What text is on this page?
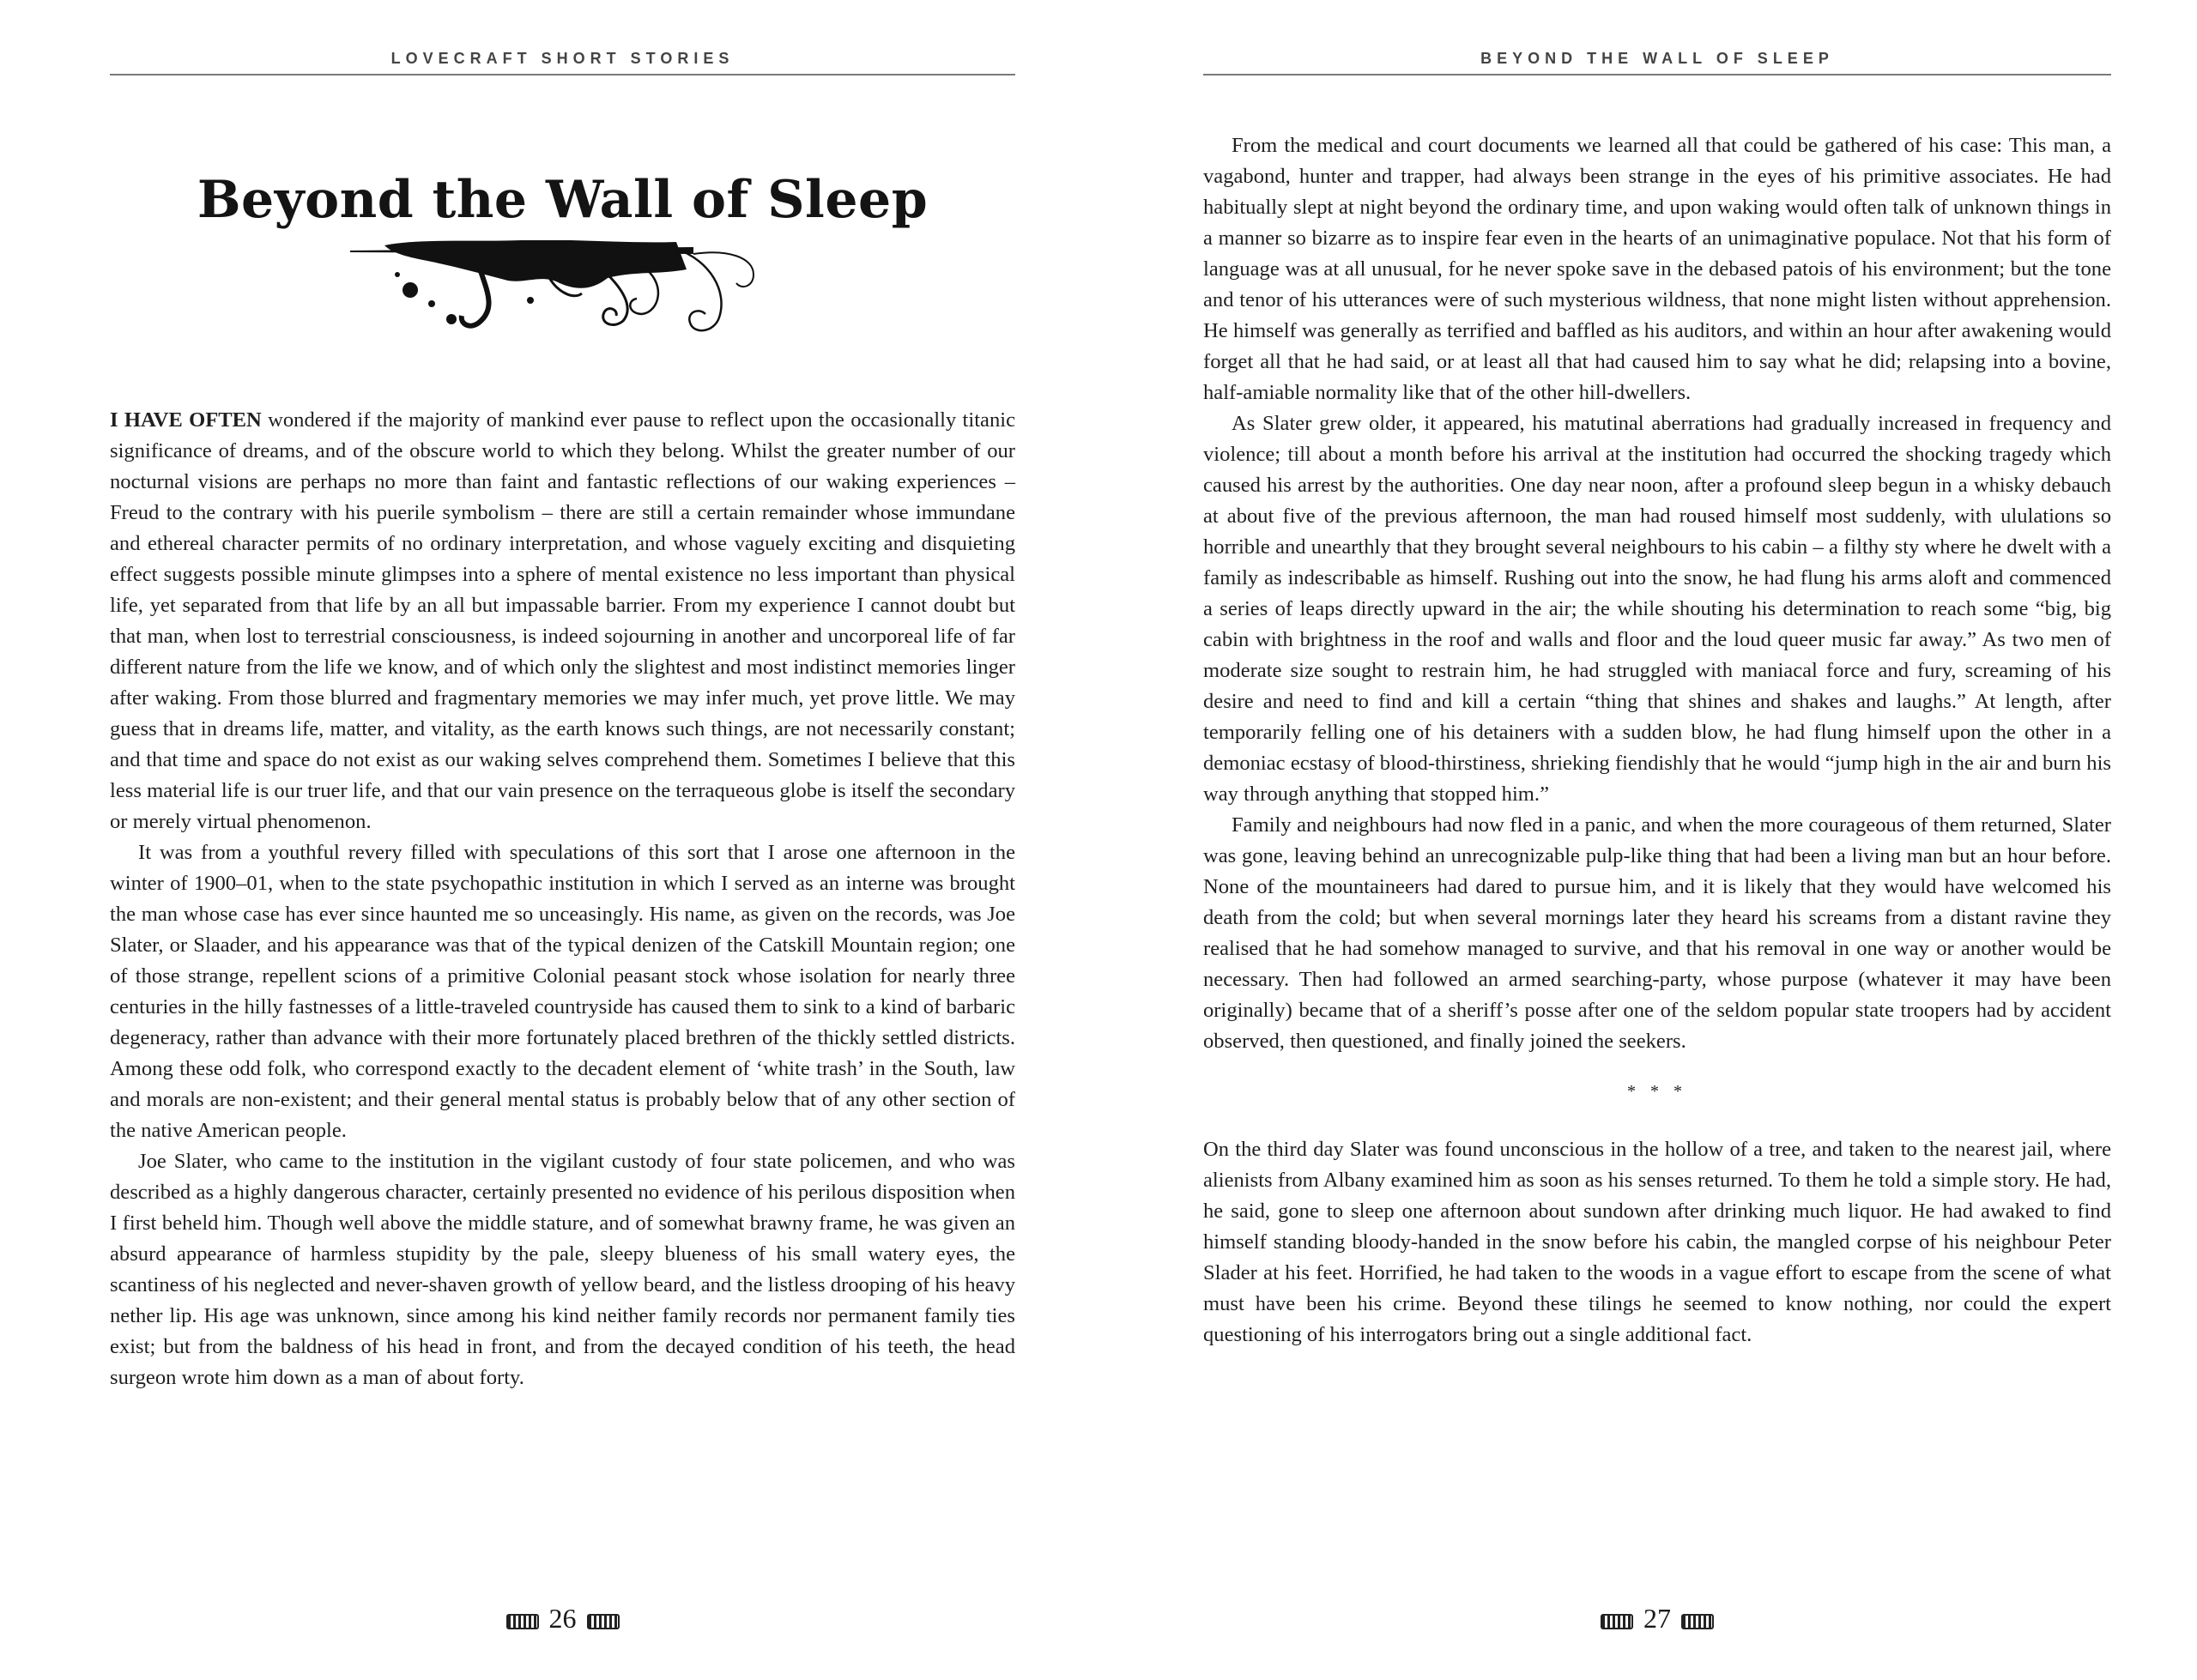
LOVECRAFT SHORT STORIES
Beyond the Wall of Sleep

I HAVE OFTEN wondered if the majority of mankind ever pause to reflect upon the occasionally titanic significance of dreams, and of the obscure world to which they belong. Whilst the greater number of our nocturnal visions are perhaps no more than faint and fantastic reflections of our waking experiences – Freud to the contrary with his puerile symbolism – there are still a certain remainder whose immundane and ethereal character permits of no ordinary interpretation, and whose vaguely exciting and disquieting effect suggests possible minute glimpses into a sphere of mental existence no less important than physical life, yet separated from that life by an all but impassable barrier. From my experience I cannot doubt but that man, when lost to terrestrial consciousness, is indeed sojourning in another and uncorporeal life of far different nature from the life we know, and of which only the slightest and most indistinct memories linger after waking. From those blurred and fragmentary memories we may infer much, yet prove little. We may guess that in dreams life, matter, and vitality, as the earth knows such things, are not necessarily constant; and that time and space do not exist as our waking selves comprehend them. Sometimes I believe that this less material life is our truer life, and that our vain presence on the terraqueous globe is itself the secondary or merely virtual phenomenon.

It was from a youthful revery filled with speculations of this sort that I arose one afternoon in the winter of 1900–01, when to the state psychopathic institution in which I served as an interne was brought the man whose case has ever since haunted me so unceasingly. His name, as given on the records, was Joe Slater, or Slaader, and his appearance was that of the typical denizen of the Catskill Mountain region; one of those strange, repellent scions of a primitive Colonial peasant stock whose isolation for nearly three centuries in the hilly fastnesses of a little-traveled countryside has caused them to sink to a kind of barbaric degeneracy, rather than advance with their more fortunately placed brethren of the thickly settled districts. Among these odd folk, who correspond exactly to the decadent element of ‘white trash’ in the South, law and morals are non-existent; and their general mental status is probably below that of any other section of the native American people.

Joe Slater, who came to the institution in the vigilant custody of four state policemen, and who was described as a highly dangerous character, certainly presented no evidence of his perilous disposition when I first beheld him. Though well above the middle stature, and of somewhat brawny frame, he was given an absurd appearance of harmless stupidity by the pale, sleepy blueness of his small watery eyes, the scantiness of his neglected and never-shaven growth of yellow beard, and the listless drooping of his heavy nether lip. His age was unknown, since among his kind neither family records nor permanent family ties exist; but from the baldness of his head in front, and from the decayed condition of his teeth, the head surgeon wrote him down as a man of about forty.

26
BEYOND THE WALL OF SLEEP

From the medical and court documents we learned all that could be gathered of his case: This man, a vagabond, hunter and trapper, had always been strange in the eyes of his primitive associates. He had habitually slept at night beyond the ordinary time, and upon waking would often talk of unknown things in a manner so bizarre as to inspire fear even in the hearts of an unimaginative populace. Not that his form of language was at all unusual, for he never spoke save in the debased patois of his environment; but the tone and tenor of his utterances were of such mysterious wildness, that none might listen without apprehension. He himself was generally as terrified and baffled as his auditors, and within an hour after awakening would forget all that he had said, or at least all that had caused him to say what he did; relapsing into a bovine, half-amiable normality like that of the other hill-dwellers.

As Slater grew older, it appeared, his matutinal aberrations had gradually increased in frequency and violence; till about a month before his arrival at the institution had occurred the shocking tragedy which caused his arrest by the authorities. One day near noon, after a profound sleep begun in a whisky debauch at about five of the previous afternoon, the man had roused himself most suddenly, with ululations so horrible and unearthly that they brought several neighbours to his cabin – a filthy sty where he dwelt with a family as indescribable as himself. Rushing out into the snow, he had flung his arms aloft and commenced a series of leaps directly upward in the air; the while shouting his determination to reach some “big, big cabin with brightness in the roof and walls and floor and the loud queer music far away.” As two men of moderate size sought to restrain him, he had struggled with maniacal force and fury, screaming of his desire and need to find and kill a certain “thing that shines and shakes and laughs.” At length, after temporarily felling one of his detainers with a sudden blow, he had flung himself upon the other in a demoniac ecstasy of blood-thirstiness, shrieking fiendishly that he would “jump high in the air and burn his way through anything that stopped him.”

Family and neighbours had now fled in a panic, and when the more courageous of them returned, Slater was gone, leaving behind an unrecognizable pulp-like thing that had been a living man but an hour before. None of the mountaineers had dared to pursue him, and it is likely that they would have welcomed his death from the cold; but when several mornings later they heard his screams from a distant ravine they realised that he had somehow managed to survive, and that his removal in one way or another would be necessary. Then had followed an armed searching-party, whose purpose (whatever it may have been originally) became that of a sheriff’s posse after one of the seldom popular state troopers had by accident observed, then questioned, and finally joined the seekers.

* * *

On the third day Slater was found unconscious in the hollow of a tree, and taken to the nearest jail, where alienists from Albany examined him as soon as his senses returned. To them he told a simple story. He had, he said, gone to sleep one afternoon about sundown after drinking much liquor. He had awaked to find himself standing bloody-handed in the snow before his cabin, the mangled corpse of his neighbour Peter Slader at his feet. Horrified, he had taken to the woods in a vague effort to escape from the scene of what must have been his crime. Beyond these tilings he seemed to know nothing, nor could the expert questioning of his interrogators bring out a single additional fact.

27
